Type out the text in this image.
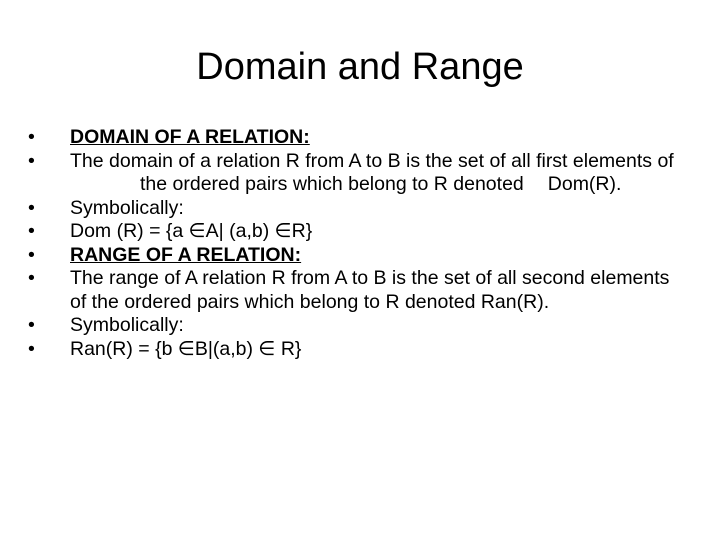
Domain and Range
•	DOMAIN OF A RELATION:
•	The domain of a relation R from A to B is the set of all first elements ofthe ordered pairs which belong to R denoted Dom(R).
•	Symbolically:
•	Dom (R) = {a ∈A| (a,b) ∈R}
•	RANGE OF A RELATION:
•	The range of A relation R from A to B is the set of all second elements of the ordered pairs which belong to R denoted Ran(R).
•	Symbolically:
•	Ran(R) = {b ∈B|(a,b) ∈ R}
